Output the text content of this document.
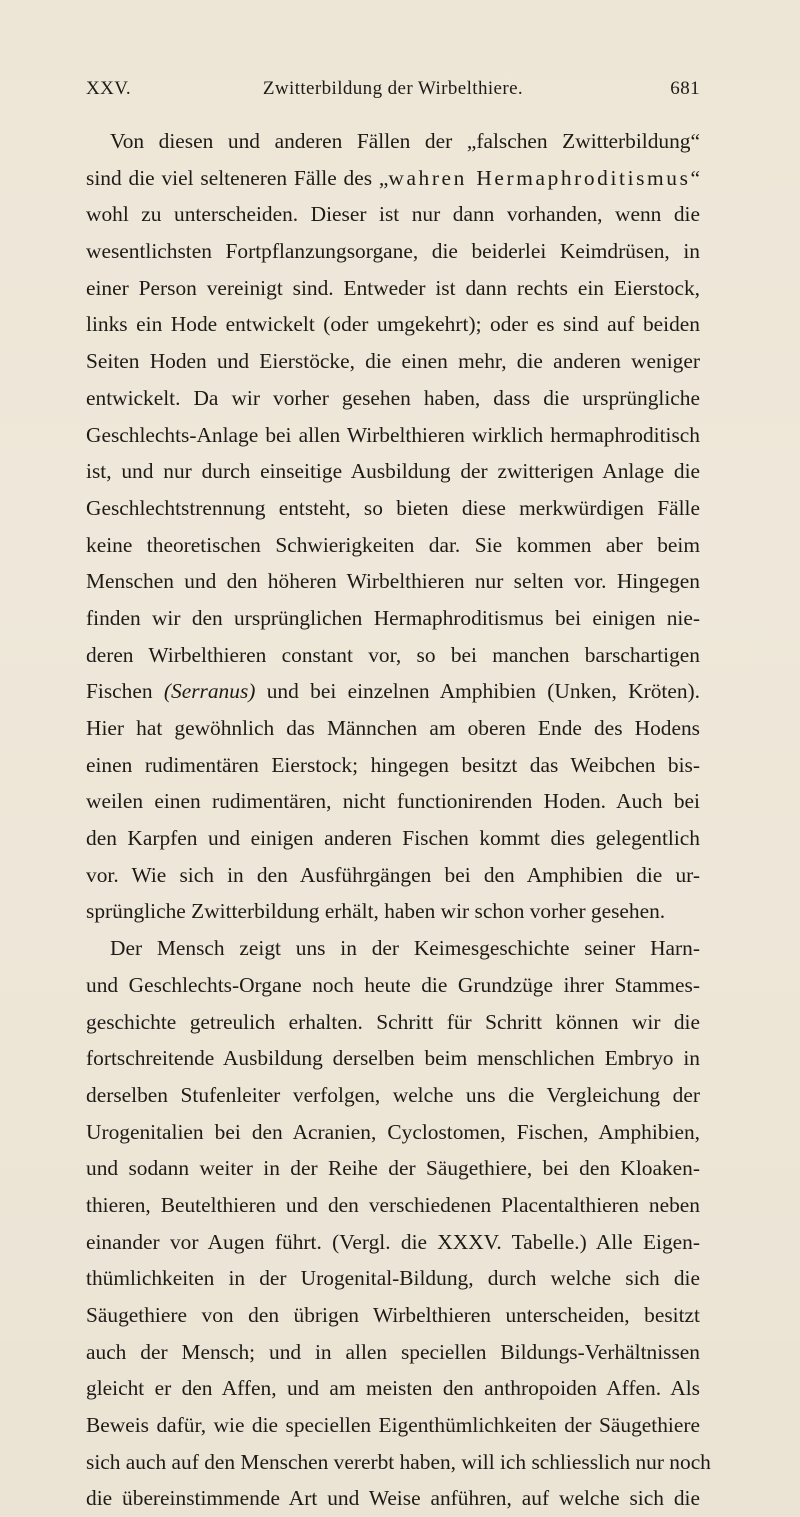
XXV.	Zwitterbildung der Wirbelthiere.	681
Von diesen und anderen Fällen der „falschen Zwitterbildung“
sind die viel selteneren Fälle des „wahren Hermaphroditismus“
wohl zu unterscheiden. Dieser ist nur dann vorhanden, wenn die
wesentlichsten Fortpflanzungsorgane, die beiderlei Keimdrüsen, in
einer Person vereinigt sind. Entweder ist dann rechts ein Eierstock,
links ein Hode entwickelt (oder umgekehrt); oder es sind auf beiden
Seiten Hoden und Eierstöcke, die einen mehr, die anderen weniger
entwickelt. Da wir vorher gesehen haben, dass die ursprüngliche
Geschlechts-Anlage bei allen Wirbelthieren wirklich hermaphroditisch
ist, und nur durch einseitige Ausbildung der zwitterigen Anlage die
Geschlechtstrennung entsteht, so bieten diese merkwürdigen Fälle
keine theoretischen Schwierigkeiten dar. Sie kommen aber beim
Menschen und den höheren Wirbelthieren nur selten vor. Hingegen
finden wir den ursprünglichen Hermaphroditismus bei einigen nie-
deren Wirbelthieren constant vor, so bei manchen barschartigen
Fischen (Serranus) und bei einzelnen Amphibien (Unken, Kröten).
Hier hat gewöhnlich das Männchen am oberen Ende des Hodens
einen rudimentären Eierstock; hingegen besitzt das Weibchen bis-
weilen einen rudimentären, nicht functionirenden Hoden. Auch bei
den Karpfen und einigen anderen Fischen kommt dies gelegentlich
vor. Wie sich in den Ausführgängen bei den Amphibien die ur-
sprüngliche Zwitterbildung erhält, haben wir schon vorher gesehen.
Der Mensch zeigt uns in der Keimesgeschichte seiner Harn-
und Geschlechts-Organe noch heute die Grundzüge ihrer Stammes-
geschichte getreulich erhalten. Schritt für Schritt können wir die
fortschreitende Ausbildung derselben beim menschlichen Embryo in
derselben Stufenleiter verfolgen, welche uns die Vergleichung der
Urogenitalien bei den Acranien, Cyclostomen, Fischen, Amphibien,
und sodann weiter in der Reihe der Säugethiere, bei den Kloaken-
thieren, Beutelthieren und den verschiedenen Placentalthieren neben
einander vor Augen führt. (Vergl. die XXXV. Tabelle.) Alle Eigen-
thümlichkeiten in der Urogenital-Bildung, durch welche sich die
Säugethiere von den übrigen Wirbelthieren unterscheiden, besitzt
auch der Mensch; und in allen speciellen Bildungs-Verhältnissen
gleicht er den Affen, und am meisten den anthropoiden Affen. Als
Beweis dafür, wie die speciellen Eigenthümlichkeiten der Säugethiere
sich auch auf den Menschen vererbt haben, will ich schliesslich nur noch
die übereinstimmende Art und Weise anführen, auf welche sich die
